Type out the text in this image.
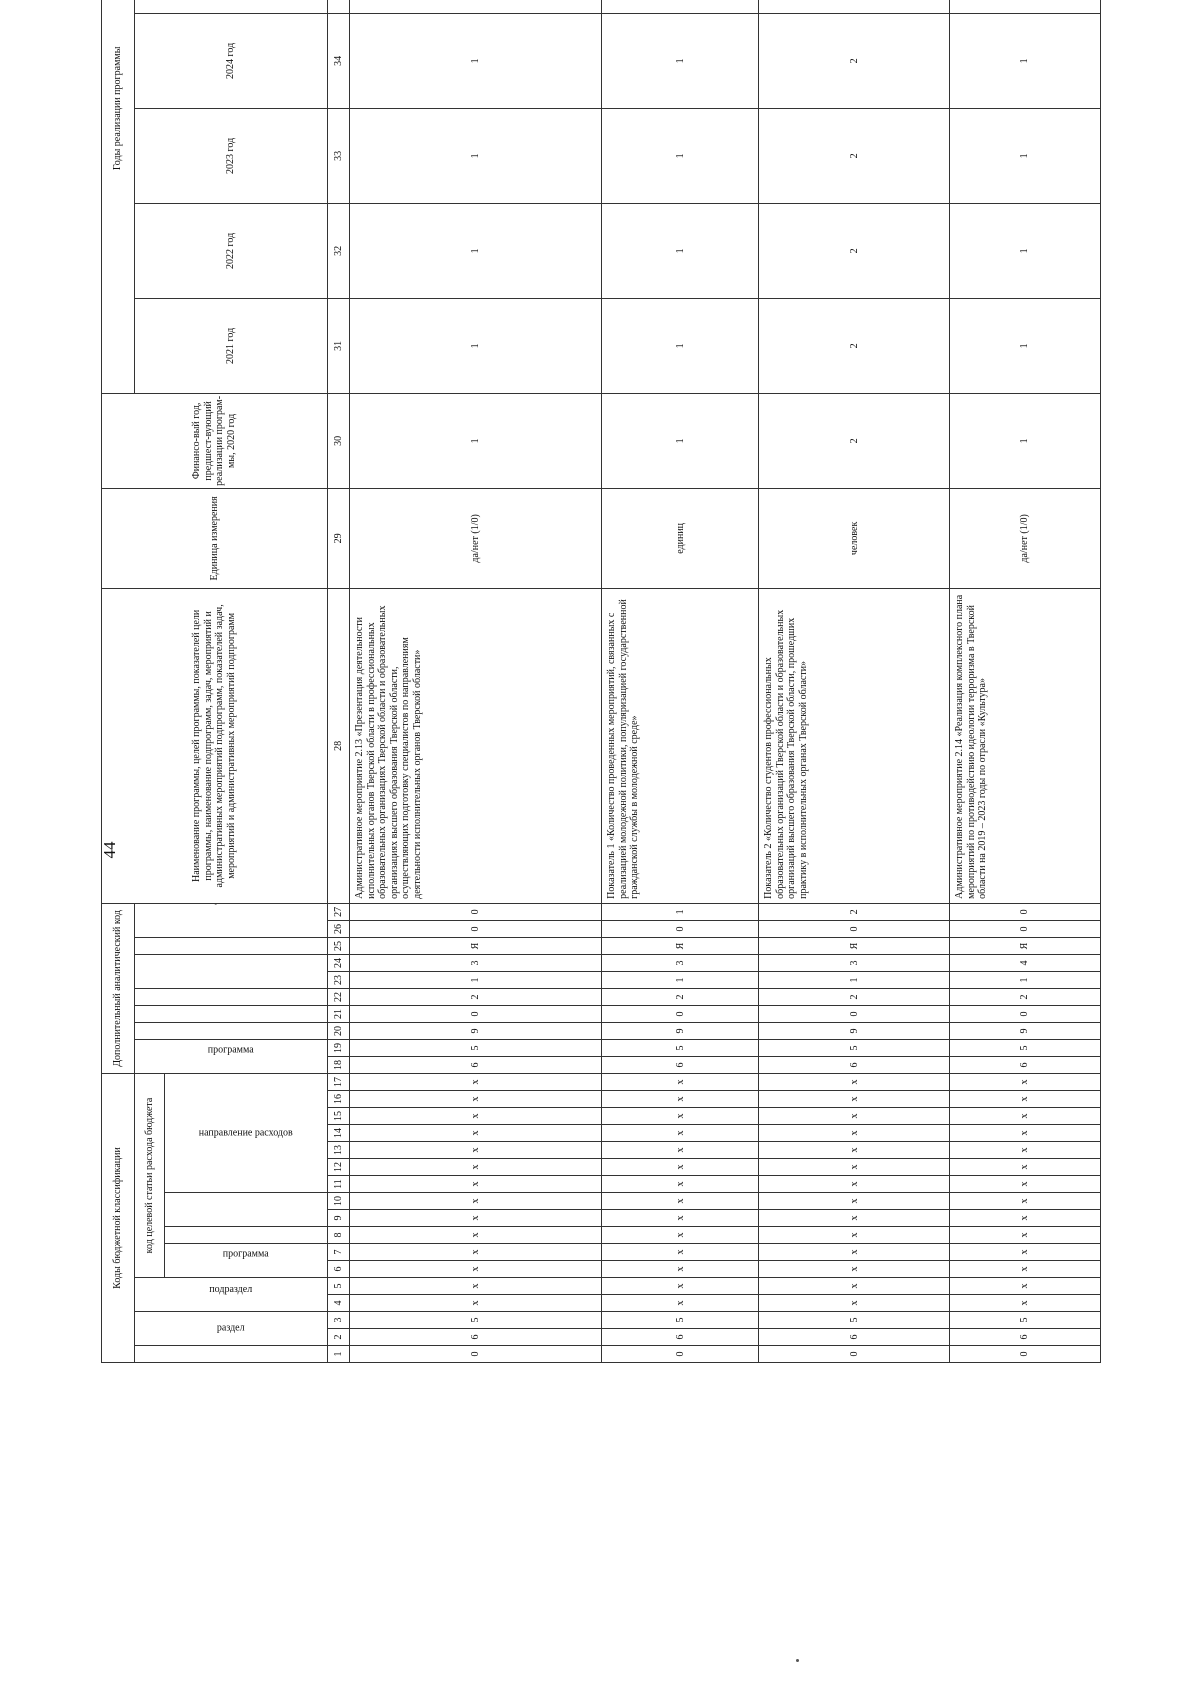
44
Коды бюджетной классификации																	Дополнительный аналитический код										Наименование программы, целей программы, показателей цели программы, наименование подпрограмм, задач, мероприятий и административных мероприятий подпрограмм, показателей задач, мероприятий и административных мероприятий подпрограмм	Единица измерения	Финансо-вый год, предшест-вующий реализации програм-мы, 2020 год	Годы реализации программы	
	раздел		подраздел		код целевой статьи расхода бюджета												программа													2021 год	2022 год	2023 год	2024 год			
					программа					направление расходов																										
1	2	3	4	5	6	7	8	9	10	11	12	13	14	15	16	17	18	19	20	21	22	23	24	25	26	27	28	29	30	31	32	33	34			
0	6	5	х	х	х	х	х	х	х	х	х	х	х	х	х	х	6	5	9	0	2	1	3	Я	0	0	Административное мероприятие 2.13 «Презентация деятельности исполнительных органов Тверской области в профессиональных образовательных организациях Тверской области и образовательных организациях высшего образования Тверской области, осуществляющих подготовку специалистов по направлениям деятельности исполнительных органов Тверской области»	да/нет (1/0)	1	1	1	1	1			
0	6	5	х	х	х	х	х	х	х	х	х	х	х	х	х	х	6	5	9	0	2	1	3	Я	0	1	Показатель 1 «Количество проведенных мероприятий, связанных с реализацией молодежной политики, популяризацией государственной гражданской службы в молодежной среде»	единиц	1	1	1	1	1			
0	6	5	х	х	х	х	х	х	х	х	х	х	х	х	х	х	6	5	9	0	2	1	3	Я	0	2	Показатель 2 «Количество студентов профессиональных образовательных организаций Тверской области и образовательных организаций высшего образования Тверской области, прошедших практику в исполнительных органах Тверской области»	человек	2	2	2	2	2			
0	6	5	х	х	х	х	х	х	х	х	х	х	х	х	х	х	6	5	9	0	2	1	4	Я	0	0	Административное мероприятие 2.14 «Реализация комплексного плана мероприятий по противодействию идеологии терроризма в Тверской области на 2019 – 2023 годы по отрасли «Культура»	да/нет (1/0)	1	1	1	1	1			
